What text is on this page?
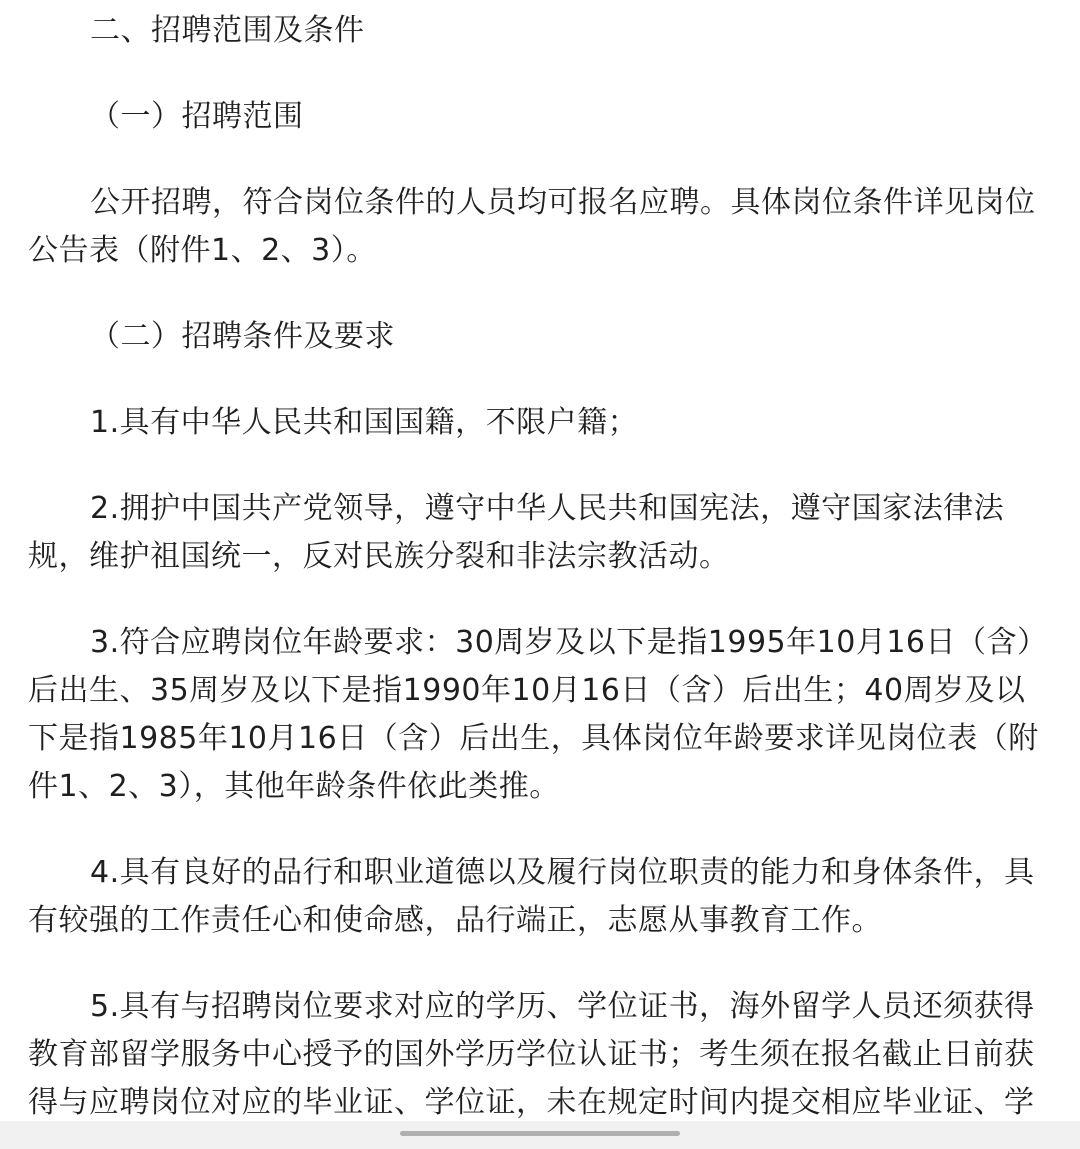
二、招聘范围及条件

（一）招聘范围

公开招聘，符合岗位条件的人员均可报名应聘。具体岗位条件详见岗位公告表（附件1、2、3）。

（二）招聘条件及要求

1.具有中华人民共和国国籍，不限户籍；

2.拥护中国共产党领导，遵守中华人民共和国宪法，遵守国家法律法规，维护祖国统一，反对民族分裂和非法宗教活动。

3.符合应聘岗位年龄要求：30周岁及以下是指1995年10月16日（含）后出生、35周岁及以下是指1990年10月16日（含）后出生；40周岁及以下是指1985年10月16日（含）后出生，具体岗位年龄要求详见岗位表（附件1、2、3），其他年龄条件依此类推。

4.具有良好的品行和职业道德以及履行岗位职责的能力和身体条件，具有较强的工作责任心和使命感，品行端正，志愿从事教育工作。

5.具有与招聘岗位要求对应的学历、学位证书，海外留学人员还须获得教育部留学服务中心授予的国外学历学位认证书；考生须在报名截止日前获得与应聘岗位对应的毕业证、学位证，未在规定时间内提交相应毕业证、学
